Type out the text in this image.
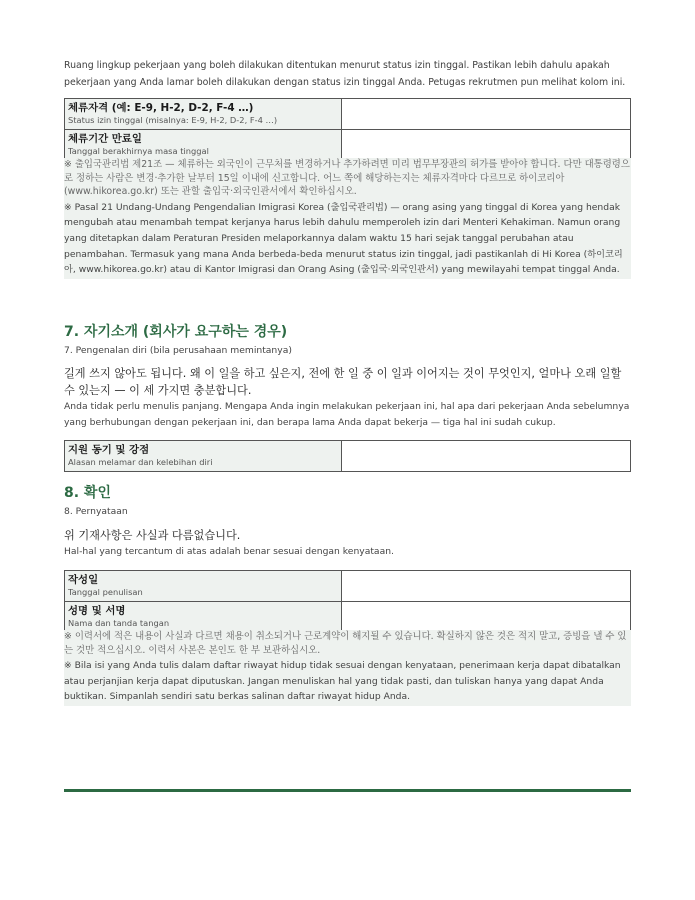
Ruang lingkup pekerjaan yang boleh dilakukan ditentukan menurut status izin tinggal. Pastikan lebih dahulu apakah pekerjaan yang Anda lamar boleh dilakukan dengan status izin tinggal Anda. Petugas rekrutmen pun melihat kolom ini.

체류자격 (예: E-9, H-2, D-2, F-4 …)
Status izin tinggal (misalnya: E-9, H-2, D-2, F-4 …)
체류기간 만료일
Tanggal berakhirnya masa tinggal

※ 출입국관리법 제21조 — 체류하는 외국인이 근무처를 변경하거나 추가하려면 미리 법무부장관의 허가를 받아야 합니다. 다만 대통령령으로 정하는 사람은 변경·추가한 날부터 15일 이내에 신고합니다. 어느 쪽에 해당하는지는 체류자격마다 다르므로 하이코리아(www.hikorea.go.kr) 또는 관할 출입국·외국인관서에서 확인하십시오.

※ Pasal 21 Undang-Undang Pengendalian Imigrasi Korea (출입국관리법) — orang asing yang tinggal di Korea yang hendak mengubah atau menambah tempat kerjanya harus lebih dahulu memperoleh izin dari Menteri Kehakiman. Namun orang yang ditetapkan dalam Peraturan Presiden melaporkannya dalam waktu 15 hari sejak tanggal perubahan atau penambahan. Termasuk yang mana Anda berbeda-beda menurut status izin tinggal, jadi pastikanlah di Hi Korea (하이코리아, www.hikorea.go.kr) atau di Kantor Imigrasi dan Orang Asing (출입국·외국인관서) yang mewilayahi tempat tinggal Anda.

7. 자기소개 (회사가 요구하는 경우)

7. Pengenalan diri (bila perusahaan memintanya)

길게 쓰지 않아도 됩니다. 왜 이 일을 하고 싶은지, 전에 한 일 중 이 일과 이어지는 것이 무엇인지, 얼마나 오래 일할 수 있는지 — 이 세 가지면 충분합니다.

Anda tidak perlu menulis panjang. Mengapa Anda ingin melakukan pekerjaan ini, hal apa dari pekerjaan Anda sebelumnya yang berhubungan dengan pekerjaan ini, dan berapa lama Anda dapat bekerja — tiga hal ini sudah cukup.

지원 동기 및 강점
Alasan melamar dan kelebihan diri

8. 확인

8. Pernyataan

위 기재사항은 사실과 다름없습니다.

Hal-hal yang tercantum di atas adalah benar sesuai dengan kenyataan.

작성일
Tanggal penulisan
성명 및 서명
Nama dan tanda tangan

※ 이력서에 적은 내용이 사실과 다르면 채용이 취소되거나 근로계약이 해지될 수 있습니다. 확실하지 않은 것은 적지 말고, 증빙을 낼 수 있는 것만 적으십시오. 이력서 사본은 본인도 한 부 보관하십시오.

※ Bila isi yang Anda tulis dalam daftar riwayat hidup tidak sesuai dengan kenyataan, penerimaan kerja dapat dibatalkan atau perjanjian kerja dapat diputuskan. Jangan menuliskan hal yang tidak pasti, dan tuliskan hanya yang dapat Anda buktikan. Simpanlah sendiri satu berkas salinan daftar riwayat hidup Anda.
